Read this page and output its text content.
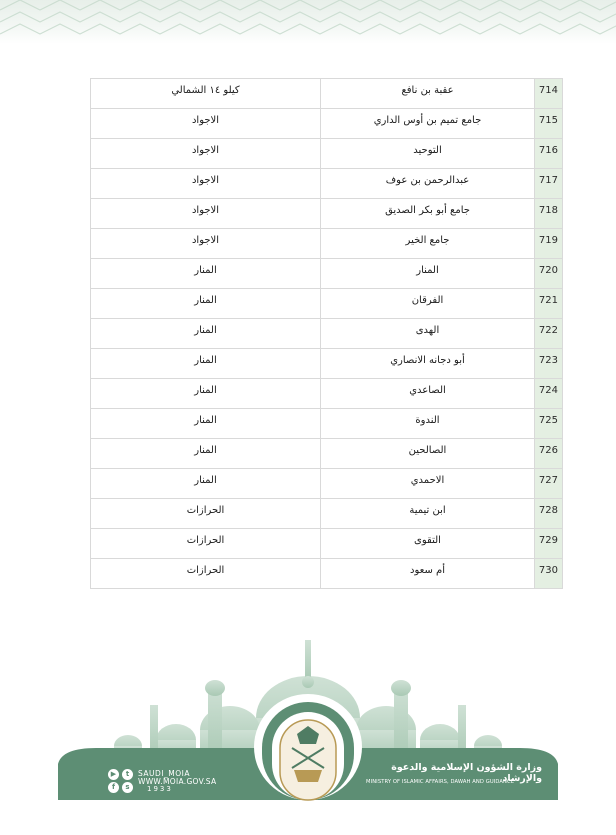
714	عقبة بن نافع	كيلو ١٤ الشمالي
715	جامع تميم بن أوس الداري	الاجواد
716	التوحيد	الاجواد
717	عبدالرحمن بن عوف	الاجواد
718	جامع أبو بكر الصديق	الاجواد
719	جامع الخير	الاجواد
720	المنار	المنار
721	الفرقان	المنار
722	الهدى	المنار
723	أبو دجانه الانصاري	المنار
724	الصاعدي	المنار
725	الندوة	المنار
726	الصالحين	المنار
727	الاحمدي	المنار
728	ابن تيمية	الحرازات
729	التقوى	الحرازات
730	أم سعود	الحرازات
▶	t
f	s
SAUDI_MOIA
WWW.MOIA.GOV.SA
1933
وزارة الشؤون الإسلامية والدعوة والإرشاد
MINISTRY OF ISLAMIC AFFAIRS, DAWAH AND GUIDANCE
